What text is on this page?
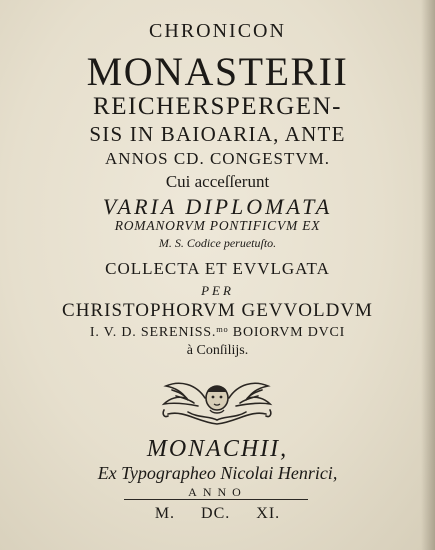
CHRONICON
MONASTERII
REICHERSPERGEN-
SIS IN BAIOARIA, ANTE
ANNOS CD. CONGESTVM.
Cui acceſſerunt
VARIA DIPLOMATA
ROMANORVM PONTIFICVM EX
M. S. Codice peruetuſto.
COLLECTA ET EVVLGATA
PER
CHRISTOPHORVM GEVVOLDVM
I. V. D. SERENISS.$^{mo}$ BOIORVM DVCI
à Conſilijs.
MONACHII,
Ex Typographeo Nicolai Henrici,
ANNO
M. DC. XI.
